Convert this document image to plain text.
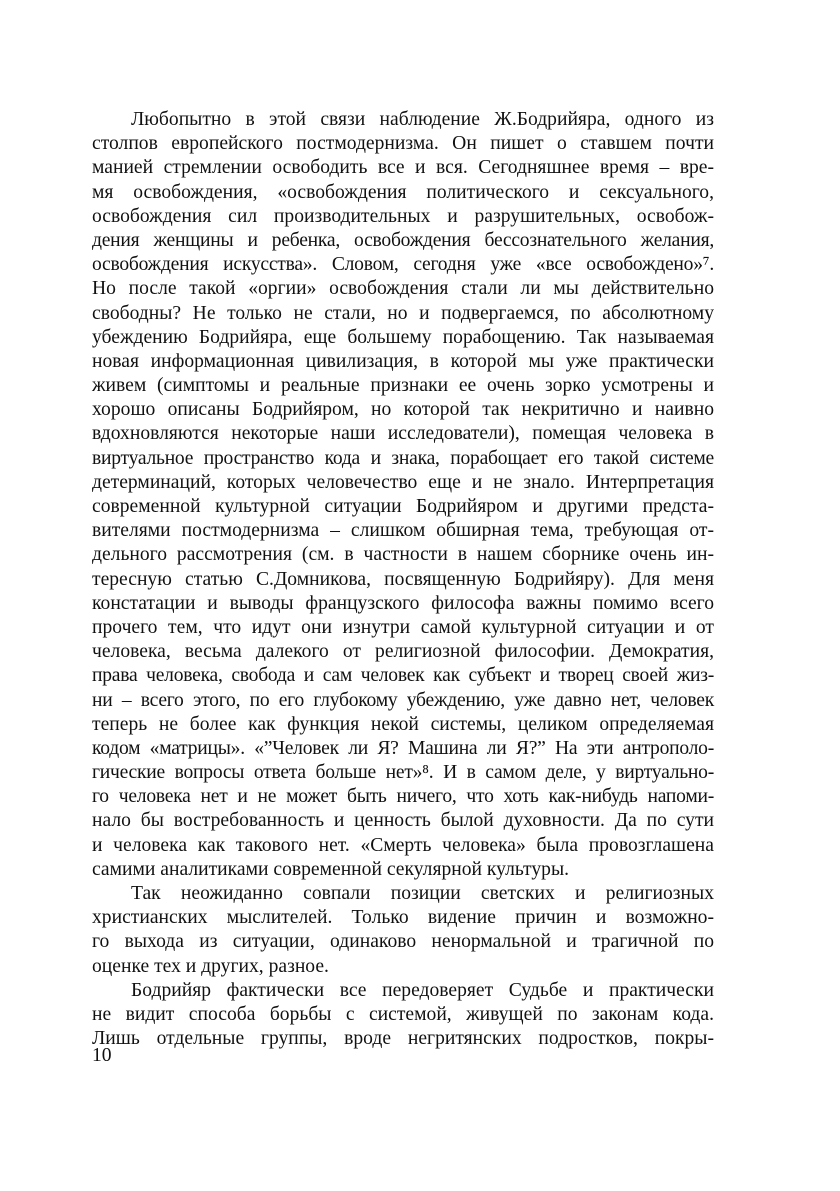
Любопытно в этой связи наблюдение Ж.Бодрийяра, одного из
столпов европейского постмодернизма. Он пишет о ставшем почти
манией стремлении освободить все и вся. Сегодняшнее время – вре-
мя освобождения, «освобождения политического и сексуального,
освобождения сил производительных и разрушительных, освобож-
дения женщины и ребенка, освобождения бессознательного желания,
освобождения искусства». Словом, сегодня уже «все освобождено»⁷.
Но после такой «оргии» освобождения стали ли мы действительно
свободны? Не только не стали, но и подвергаемся, по абсолютному
убеждению Бодрийяра, еще большему порабощению. Так называемая
новая информационная цивилизация, в которой мы уже практически
живем (симптомы и реальные признаки ее очень зорко усмотрены и
хорошо описаны Бодрийяром, но которой так некритично и наивно
вдохновляются некоторые наши исследователи), помещая человека в
виртуальное пространство кода и знака, порабощает его такой системе
детерминаций, которых человечество еще и не знало. Интерпретация
современной культурной ситуации Бодрийяром и другими предста-
вителями постмодернизма – слишком обширная тема, требующая от-
дельного рассмотрения (см. в частности в нашем сборнике очень ин-
тересную статью С.Домникова, посвященную Бодрийяру). Для меня
констатации и выводы французского философа важны помимо всего
прочего тем, что идут они изнутри самой культурной ситуации и от
человека, весьма далекого от религиозной философии. Демократия,
права человека, свобода и сам человек как субъект и творец своей жиз-
ни – всего этого, по его глубокому убеждению, уже давно нет, человек
теперь не более как функция некой системы, целиком определяемая
кодом «матрицы». «”Человек ли Я? Машина ли Я?” На эти антрополо-
гические вопросы ответа больше нет»⁸. И в самом деле, у виртуально-
го человека нет и не может быть ничего, что хоть как-нибудь напоми-
нало бы востребованность и ценность былой духовности. Да по сути
и человека как такового нет. «Смерть человека» была провозглашена
самими аналитиками современной секулярной культуры.
Так неожиданно совпали позиции светских и религиозных
христианских мыслителей. Только видение причин и возможно-
го выхода из ситуации, одинаково ненормальной и трагичной по
оценке тех и других, разное.
Бодрийяр фактически все передоверяет Судьбе и практически
не видит способа борьбы с системой, живущей по законам кода.
Лишь отдельные группы, вроде негритянских подростков, покры-
10
